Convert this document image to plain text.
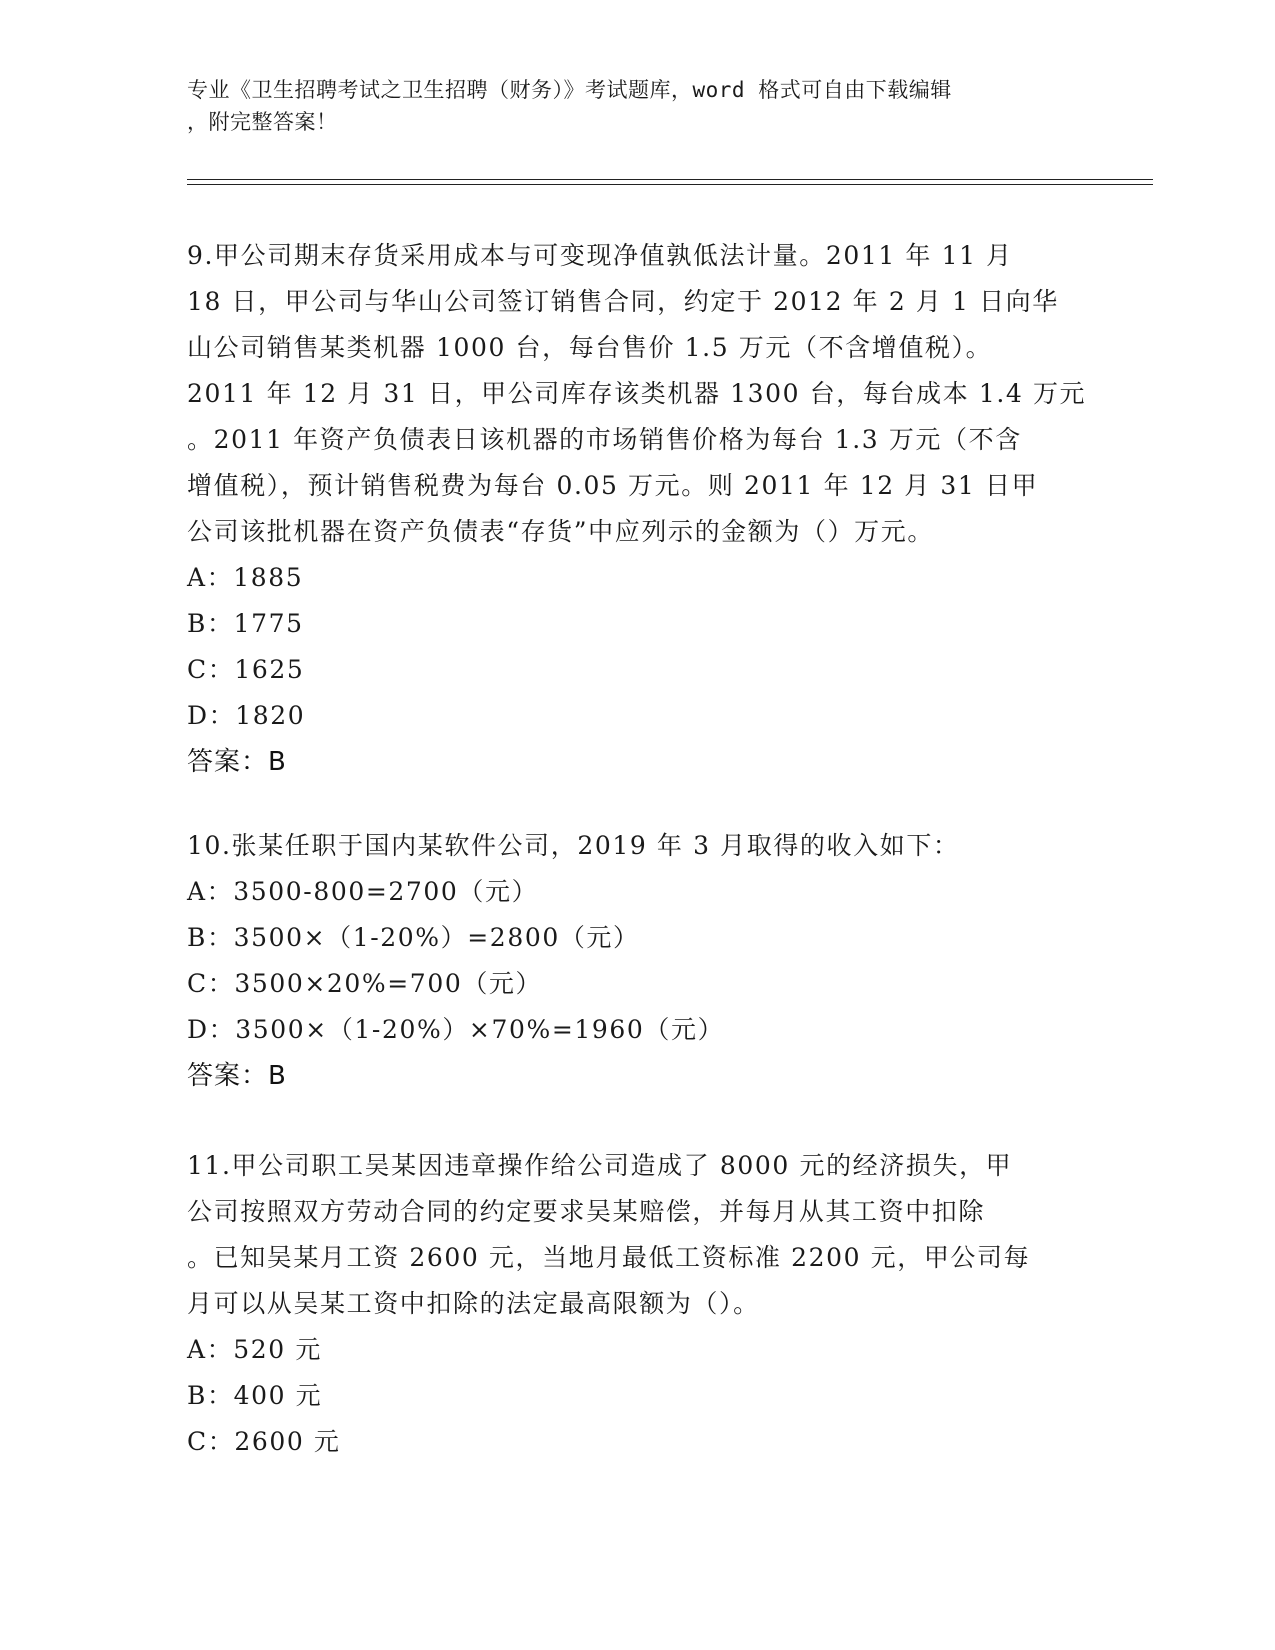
专业《卫生招聘考试之卫生招聘（财务）》考试题库，word 格式可自由下载编辑
，附完整答案！
9.甲公司期末存货采用成本与可变现净值孰低法计量。2011 年 11 月
18 日，甲公司与华山公司签订销售合同，约定于 2012 年 2 月 1 日向华
山公司销售某类机器 1000 台，每台售价 1.5 万元（不含增值税）。
2011 年 12 月 31 日，甲公司库存该类机器 1300 台，每台成本 1.4 万元
。2011 年资产负债表日该机器的市场销售价格为每台 1.3 万元（不含
增值税），预计销售税费为每台 0.05 万元。则 2011 年 12 月 31 日甲
公司该批机器在资产负债表“存货”中应列示的金额为（）万元。
A：1885
B：1775
C：1625
D：1820
答案：B
10.张某任职于国内某软件公司，2019 年 3 月取得的收入如下：
A：3500-800=2700（元）
B：3500×（1-20%）=2800（元）
C：3500×20%=700（元）
D：3500×（1-20%）×70%=1960（元）
答案：B
11.甲公司职工吴某因违章操作给公司造成了 8000 元的经济损失，甲
公司按照双方劳动合同的约定要求吴某赔偿，并每月从其工资中扣除
。已知吴某月工资 2600 元，当地月最低工资标准 2200 元，甲公司每
月可以从吴某工资中扣除的法定最高限额为（）。
A：520 元
B：400 元
C：2600 元
